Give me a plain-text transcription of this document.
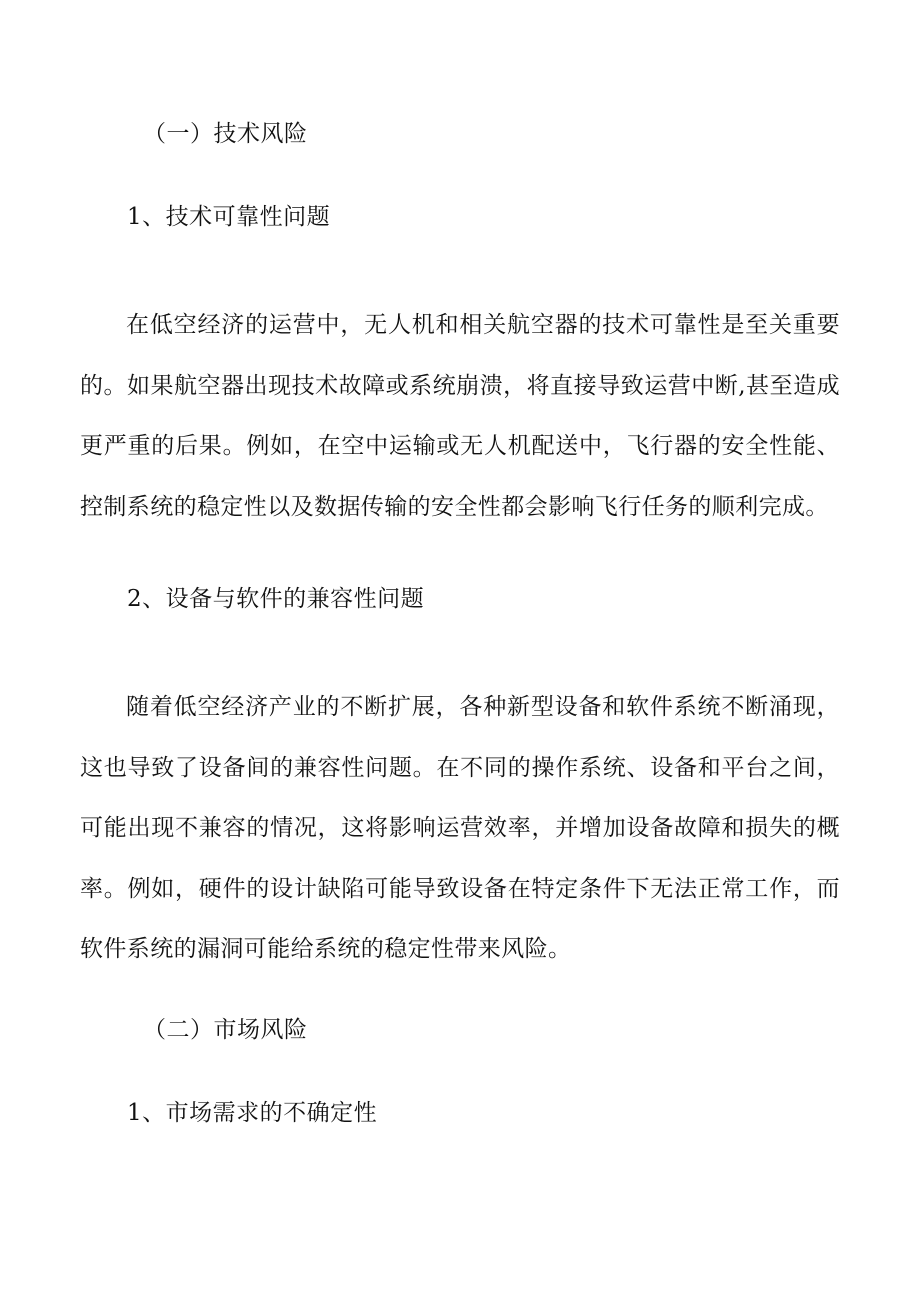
（一）技术风险
1、技术可靠性问题

在低空经济的运营中，无人机和相关航空器的技术可靠性是至关重要的。如果航空器出现技术故障或系统崩溃，将直接导致运营中断,甚至造成更严重的后果。例如，在空中运输或无人机配送中，飞行器的安全性能、控制系统的稳定性以及数据传输的安全性都会影响飞行任务的顺利完成。

2、设备与软件的兼容性问题

随着低空经济产业的不断扩展，各种新型设备和软件系统不断涌现，这也导致了设备间的兼容性问题。在不同的操作系统、设备和平台之间，可能出现不兼容的情况，这将影响运营效率，并增加设备故障和损失的概率。例如，硬件的设计缺陷可能导致设备在特定条件下无法正常工作，而软件系统的漏洞可能给系统的稳定性带来风险。

（二）市场风险
1、市场需求的不确定性
